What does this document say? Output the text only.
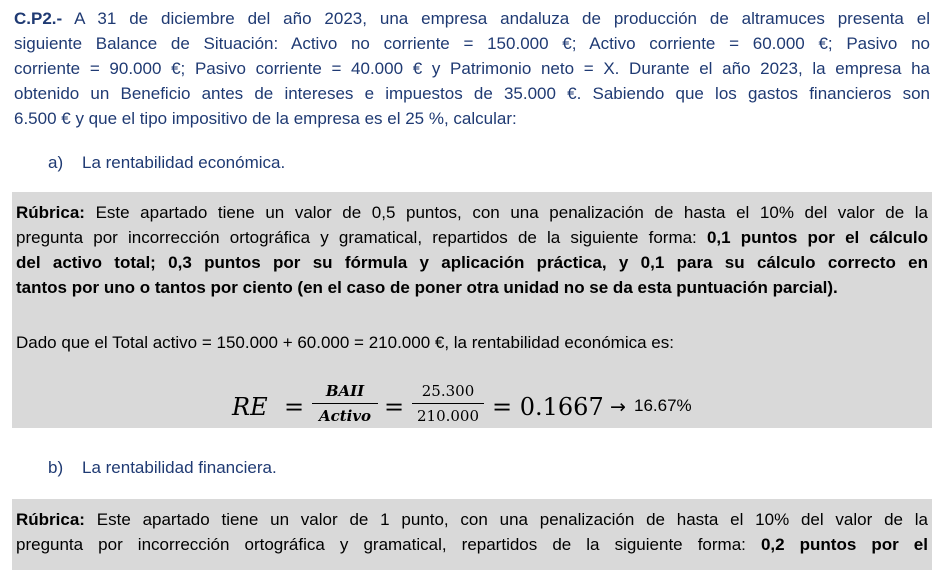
C.P2.- A 31 de diciembre del año 2023, una empresa andaluza de producción de altramuces presenta el
siguiente Balance de Situación: Activo no corriente = 150.000 €; Activo corriente = 60.000 €; Pasivo no
corriente = 90.000 €; Pasivo corriente = 40.000 € y Patrimonio neto = X. Durante el año 2023, la empresa ha
obtenido un Beneficio antes de intereses e impuestos de 35.000 €. Sabiendo que los gastos financieros son
6.500 € y que el tipo impositivo de la empresa es el 25 %, calcular:
a) La rentabilidad económica.
Rúbrica: Este apartado tiene un valor de 0,5 puntos, con una penalización de hasta el 10% del valor de la
pregunta por incorrección ortográfica y gramatical, repartidos de la siguiente forma: 0,1 puntos por el cálculo
del activo total; 0,3 puntos por su fórmula y aplicación práctica, y 0,1 para su cálculo correcto en
tantos por uno o tantos por ciento (en el caso de poner otra unidad no se da esta puntuación parcial).
Dado que el Total activo = 150.000 + 60.000 = 210.000 €, la rentabilidad económica es:
RE =
BAII
Activo =
25.300
210.000 = 0.1667 → 16.67%
b) La rentabilidad financiera.
Rúbrica: Este apartado tiene un valor de 1 punto, con una penalización de hasta el 10% del valor de la
pregunta por incorrección ortográfica y gramatical, repartidos de la siguiente forma: 0,2 puntos por el
